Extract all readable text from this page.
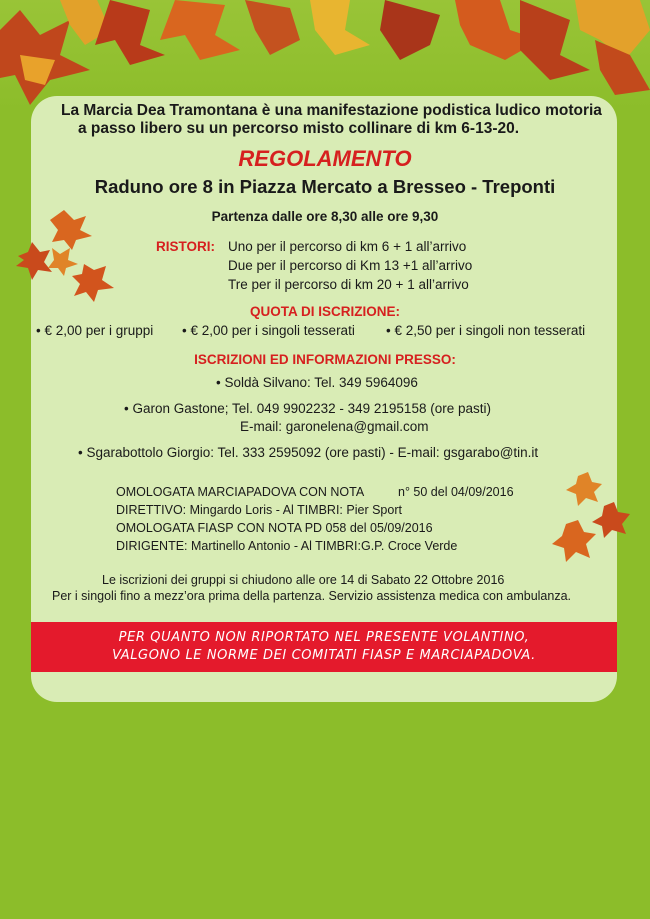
La Marcia Dea Tramontana è una manifestazione podistica ludico motoria
a passo libero su un percorso misto collinare di km 6-13-20.
REGOLAMENTO
Raduno ore 8 in Piazza Mercato a Bresseo - Treponti
Partenza dalle ore 8,30 alle ore 9,30
RISTORI: Uno per il percorso di km 6 + 1 all’arrivo
Due per il percorso di Km 13 +1 all’arrivo
Tre per il percorso di km 20 + 1 all’arrivo
QUOTA DI ISCRIZIONE:
• € 2,00 per i gruppi • € 2,00 per i singoli tesserati • € 2,50 per i singoli non tesserati
ISCRIZIONI ED INFORMAZIONI PRESSO:
• Soldà Silvano: Tel. 349 5964096
• Garon Gastone; Tel. 049 9902232 - 349 2195158 (ore pasti)
E-mail: garonelena@gmail.com
• Sgarabottolo Giorgio: Tel. 333 2595092 (ore pasti) - E-mail: gsgarabo@tin.it
OMOLOGATA MARCIAPADOVA CON NOTA	n° 50 del 04/09/2016
DIRETTIVO: Mingardo Loris - Al TIMBRI: Pier Sport
OMOLOGATA FIASP CON NOTA PD 058 del 05/09/2016
DIRIGENTE: Martinello Antonio - Al TIMBRI:G.P. Croce Verde
Le iscrizioni dei gruppi si chiudono alle ore 14 di Sabato 22 Ottobre 2016
Per i singoli fino a mezz’ora prima della partenza. Servizio assistenza medica con ambulanza.
PER QUANTO NON RIPORTATO NEL PRESENTE VOLANTINO,
VALGONO LE NORME DEI COMITATI FIASP E MARCIAPADOVA.
